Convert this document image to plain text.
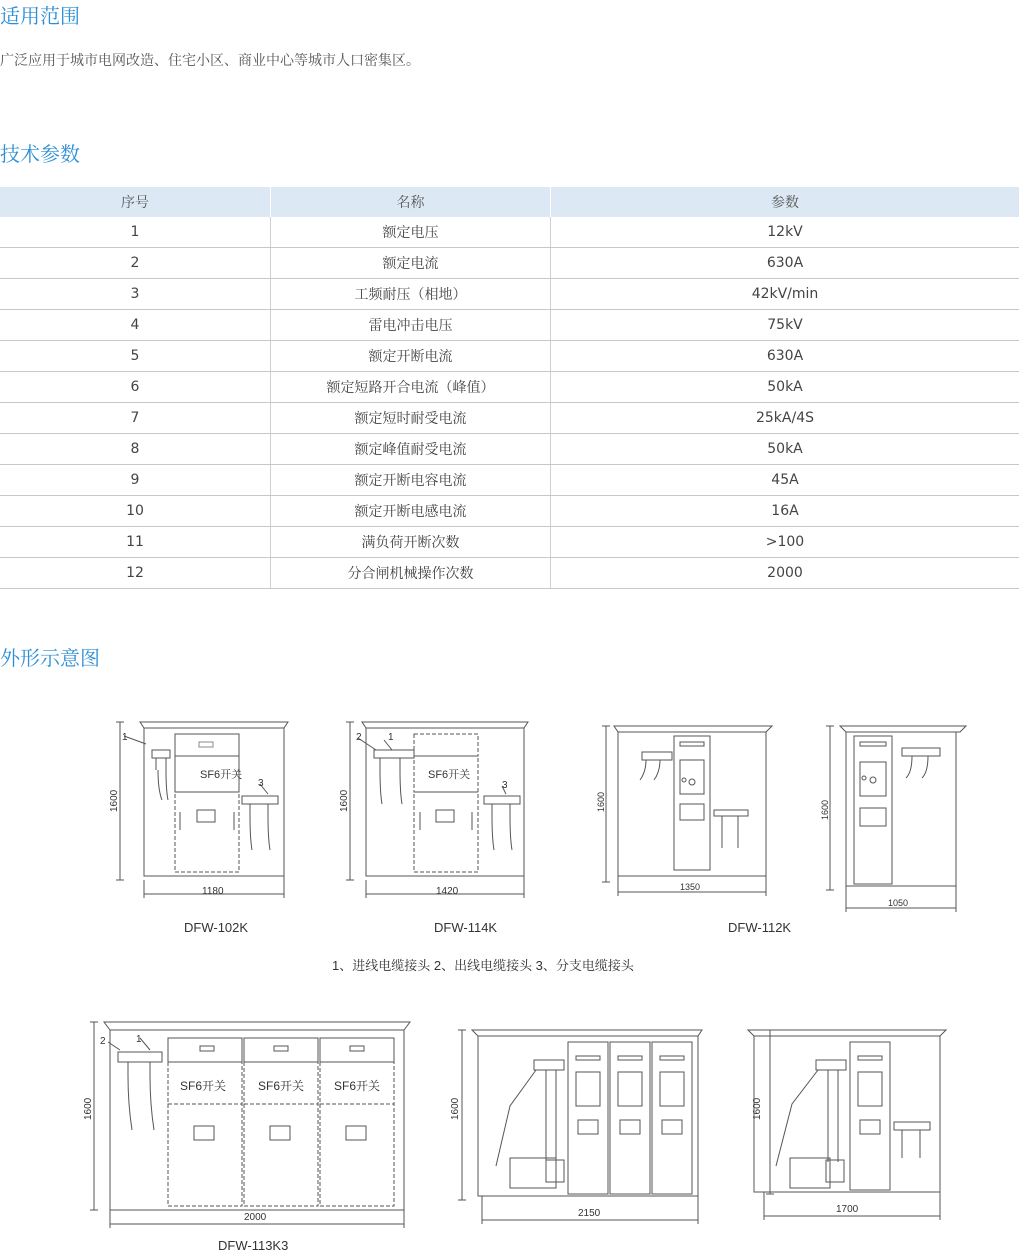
适用范围
广泛应用于城市电网改造、住宅小区、商业中心等城市人口密集区。
技术参数
序号	名称	参数
1	额定电压	12kV
2	额定电流	630A
3	工频耐压（相地）	42kV/min
4	雷电冲击电压	75kV
5	额定开断电流	630A
6	额定短路开合电流（峰值）	50kA
7	额定短时耐受电流	25kA/4S
8	额定峰值耐受电流	50kA
9	额定开断电容电流	45A
10	额定开断电感电流	16A
11	满负荷开断次数	>100
12	分合闸机械操作次数	2000
外形示意图
SF6开关
1
3
1600
1180
DFW-102K
SF6开关
2	1
3
1600
1420
DFW-114K
1600
1350
DFW-112K
1600
1050
1、进线电缆接头 2、出线电缆接头 3、分支电缆接头
SF6开关	SF6开关 SF6开关
2	1
1600
2000
DFW-113K3
1600
2150
1600
1700
